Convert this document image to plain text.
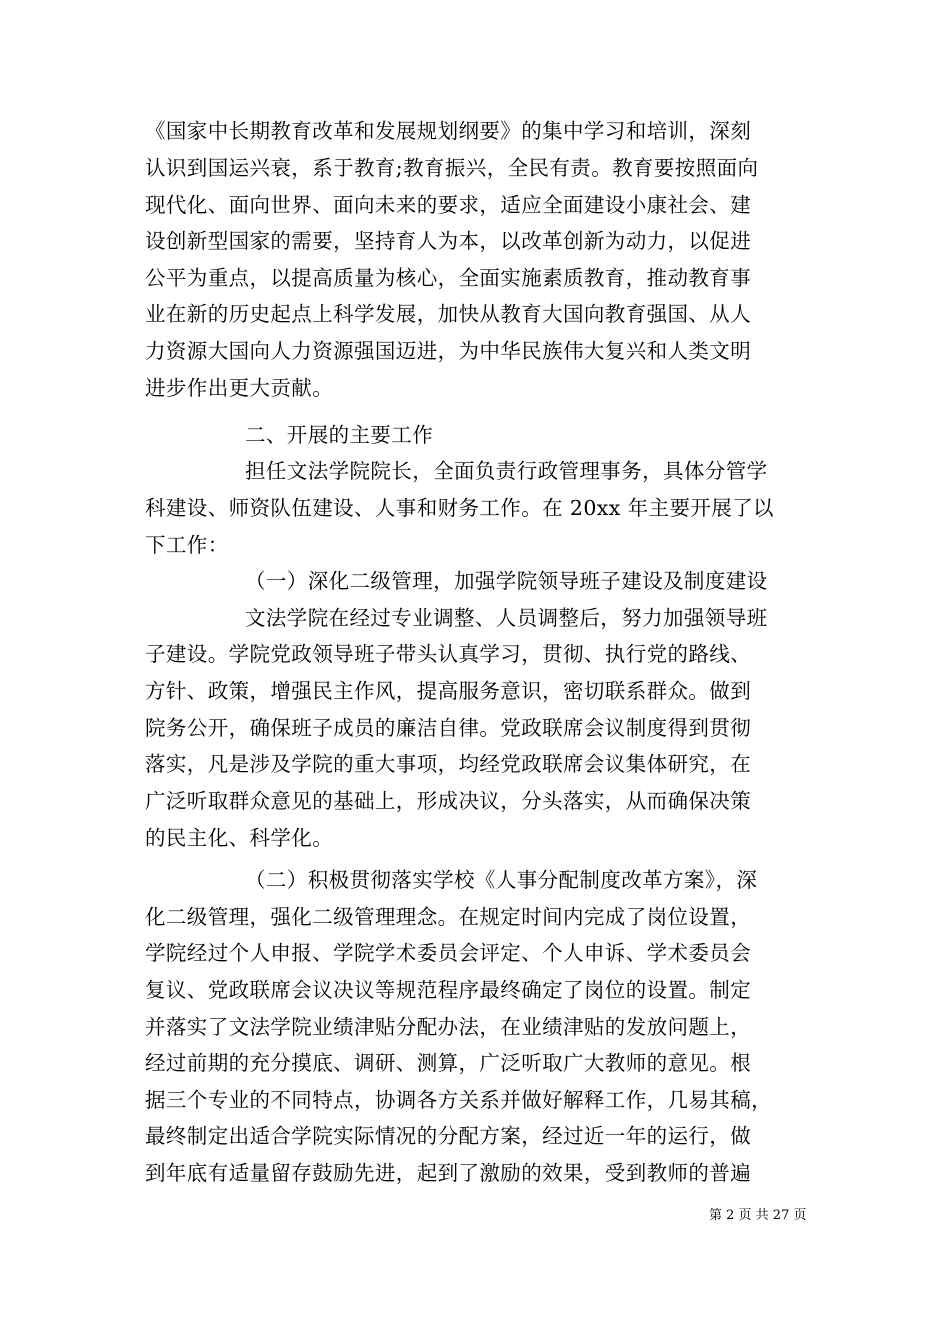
《国家中长期教育改革和发展规划纲要》的集中学习和培训，深刻
认识到国运兴衰，系于教育;教育振兴，全民有责。教育要按照面向
现代化、面向世界、面向未来的要求，适应全面建设小康社会、建
设创新型国家的需要，坚持育人为本，以改革创新为动力，以促进
公平为重点，以提高质量为核心，全面实施素质教育，推动教育事
业在新的历史起点上科学发展，加快从教育大国向教育强国、从人
力资源大国向人力资源强国迈进，为中华民族伟大复兴和人类文明
进步作出更大贡献。
二、开展的主要工作
担任文法学院院长，全面负责行政管理事务，具体分管学
科建设、师资队伍建设、人事和财务工作。在 20xx 年主要开展了以
下工作：
（一）深化二级管理，加强学院领导班子建设及制度建设
文法学院在经过专业调整、人员调整后，努力加强领导班
子建设。学院党政领导班子带头认真学习，贯彻、执行党的路线、
方针、政策，增强民主作风，提高服务意识，密切联系群众。做到
院务公开，确保班子成员的廉洁自律。党政联席会议制度得到贯彻
落实，凡是涉及学院的重大事项，均经党政联席会议集体研究，在
广泛听取群众意见的基础上，形成决议，分头落实，从而确保决策
的民主化、科学化。
（二）积极贯彻落实学校《人事分配制度改革方案》，深
化二级管理，强化二级管理理念。在规定时间内完成了岗位设置，
学院经过个人申报、学院学术委员会评定、个人申诉、学术委员会
复议、党政联席会议决议等规范程序最终确定了岗位的设置。制定
并落实了文法学院业绩津贴分配办法，在业绩津贴的发放问题上，
经过前期的充分摸底、调研、测算，广泛听取广大教师的意见。根
据三个专业的不同特点，协调各方关系并做好解释工作，几易其稿，
最终制定出适合学院实际情况的分配方案，经过近一年的运行，做
到年底有适量留存鼓励先进，起到了激励的效果，受到教师的普遍
第 2 页 共 27 页
